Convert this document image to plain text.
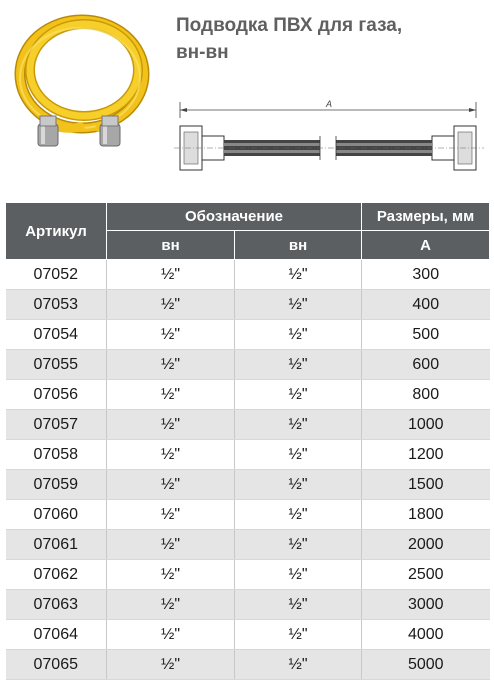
Подводка ПВХ для газа,
вн-вн
A
Артикул	Обозначение		Размеры, мм
	вн	вн	A
07052	½"	½"	300
07053	½"	½"	400
07054	½"	½"	500
07055	½"	½"	600
07056	½"	½"	800
07057	½"	½"	1000
07058	½"	½"	1200
07059	½"	½"	1500
07060	½"	½"	1800
07061	½"	½"	2000
07062	½"	½"	2500
07063	½"	½"	3000
07064	½"	½"	4000
07065	½"	½"	5000
